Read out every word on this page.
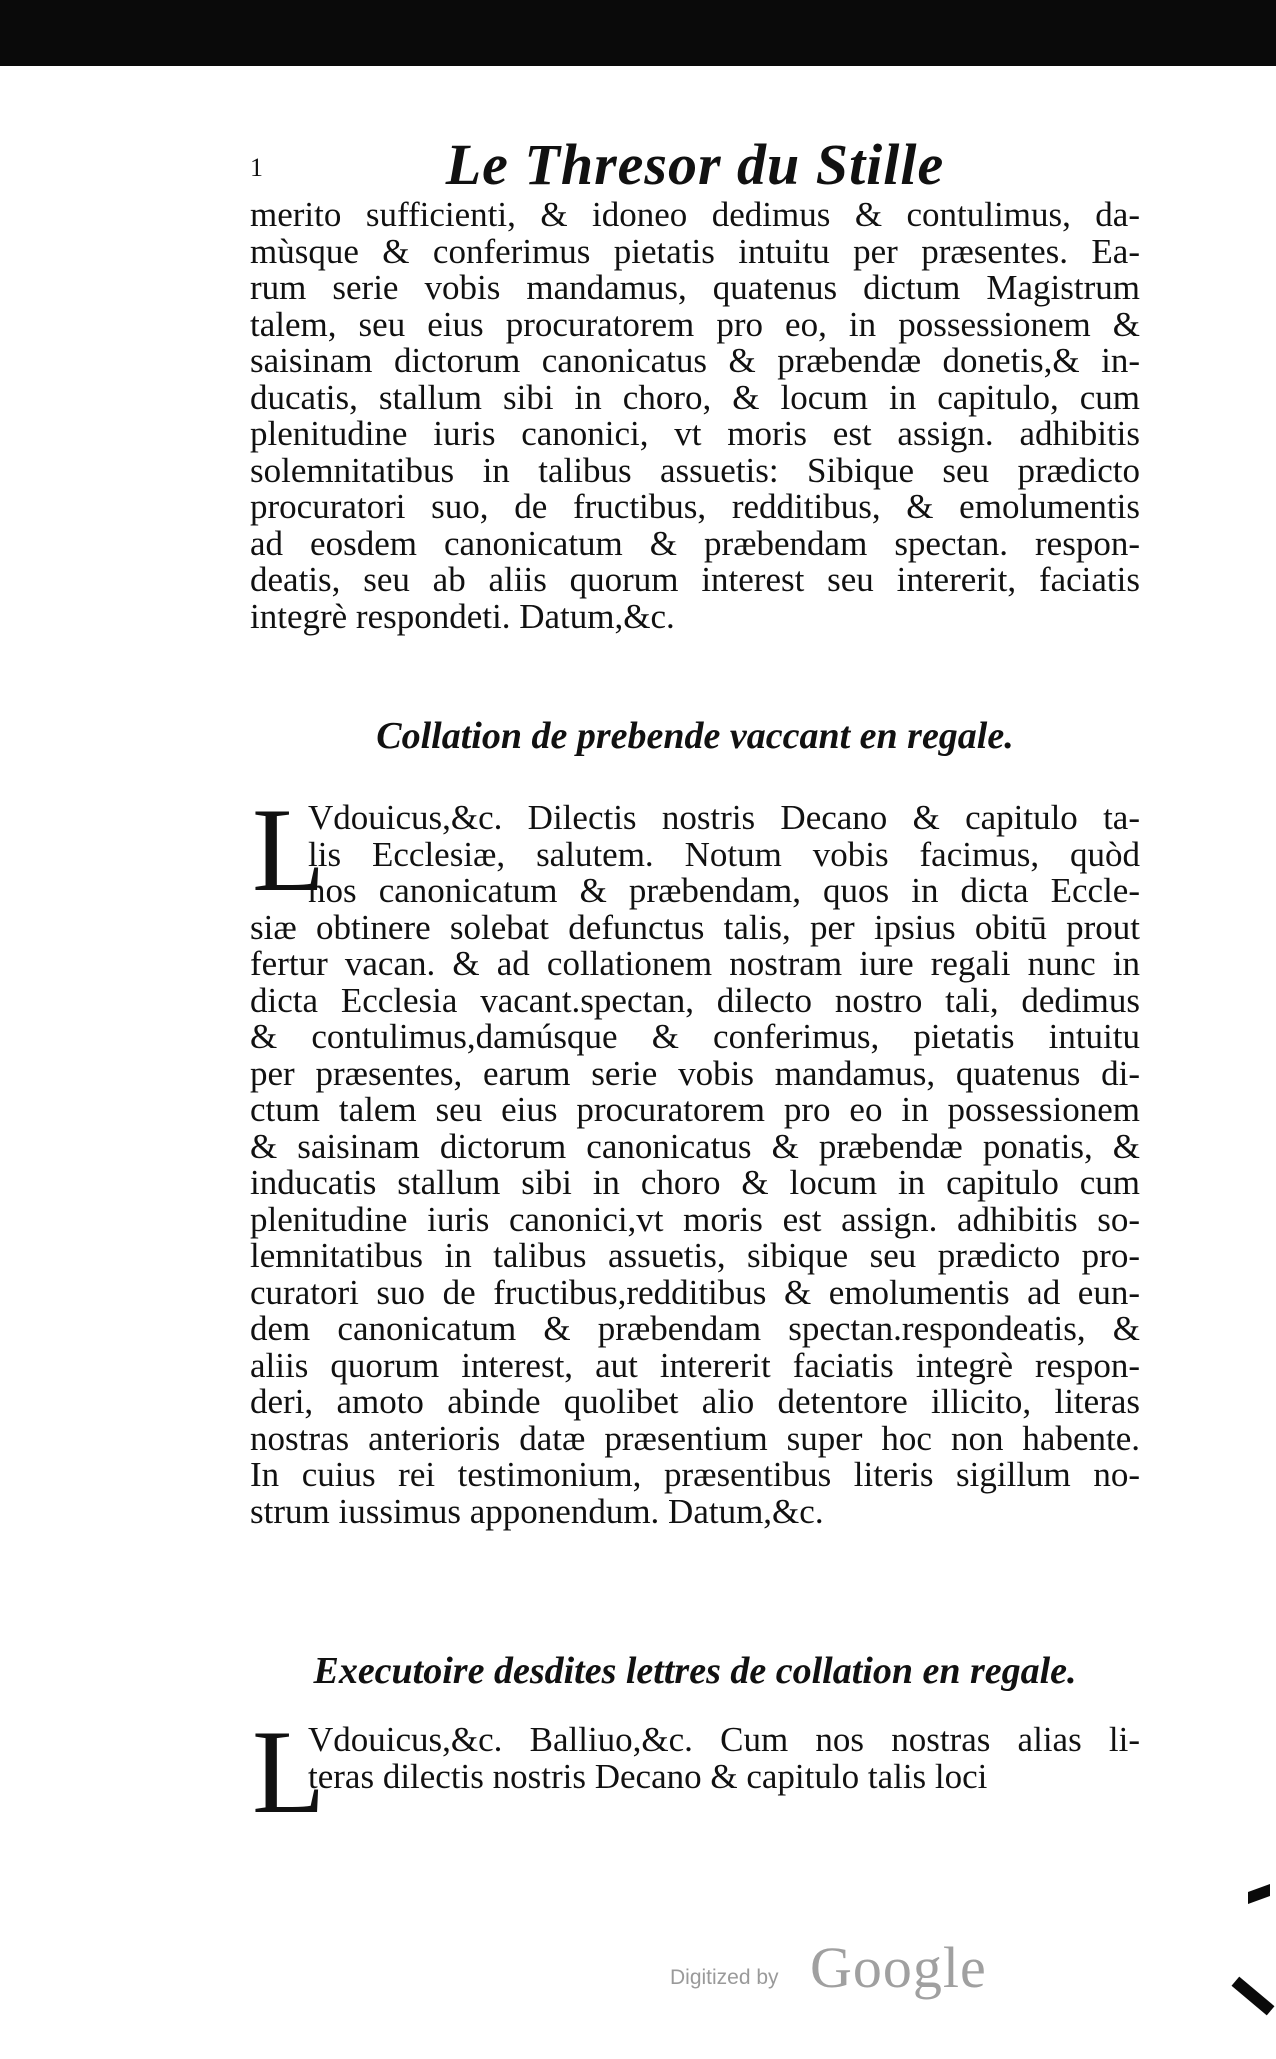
1	Le Thresor du Stille
merito sufficienti, & idoneo dedimus & contulimus, da-
mùsque & conferimus pietatis intuitu per præsentes. Ea-
rum serie vobis mandamus, quatenus dictum Magistrum
talem, seu eius procuratorem pro eo, in possessionem &
saisinam dictorum canonicatus & præbendæ donetis,& in-
ducatis, stallum sibi in choro, & locum in capitulo, cum
plenitudine iuris canonici, vt moris est assign. adhibitis
solemnitatibus in talibus assuetis: Sibique seu prædicto
procuratori suo, de fructibus, redditibus, & emolumentis
ad eosdem canonicatum & præbendam spectan. respon-
deatis, seu ab aliis quorum interest seu intererit, faciatis
integrè respondeti. Datum,&c.
Collation de prebende vaccant en regale.
L
Vdouicus,&c. Dilectis nostris Decano & capitulo ta-
lis Ecclesiæ, salutem. Notum vobis facimus, quòd
nos canonicatum & præbendam, quos in dicta Eccle-
siæ obtinere solebat defunctus talis, per ipsius obitū prout
fertur vacan. & ad collationem nostram iure regali nunc in
dicta Ecclesia vacant.spectan, dilecto nostro tali, dedimus
& contulimus,damúsque & conferimus, pietatis intuitu
per præsentes, earum serie vobis mandamus, quatenus di-
ctum talem seu eius procuratorem pro eo in possessionem
& saisinam dictorum canonicatus & præbendæ ponatis, &
inducatis stallum sibi in choro & locum in capitulo cum
plenitudine iuris canonici,vt moris est assign. adhibitis so-
lemnitatibus in talibus assuetis, sibique seu prædicto pro-
curatori suo de fructibus,redditibus & emolumentis ad eun-
dem canonicatum & præbendam spectan.respondeatis, &
aliis quorum interest, aut intererit faciatis integrè respon-
deri, amoto abinde quolibet alio detentore illicito, literas
nostras anterioris datæ præsentium super hoc non habente.
In cuius rei testimonium, præsentibus literis sigillum no-
strum iussimus apponendum. Datum,&c.
Executoire desdites lettres de collation en regale.
L
Vdouicus,&c. Balliuo,&c. Cum nos nostras alias li-
teras dilectis nostris Decano & capitulo talis loci
Digitized by Google
